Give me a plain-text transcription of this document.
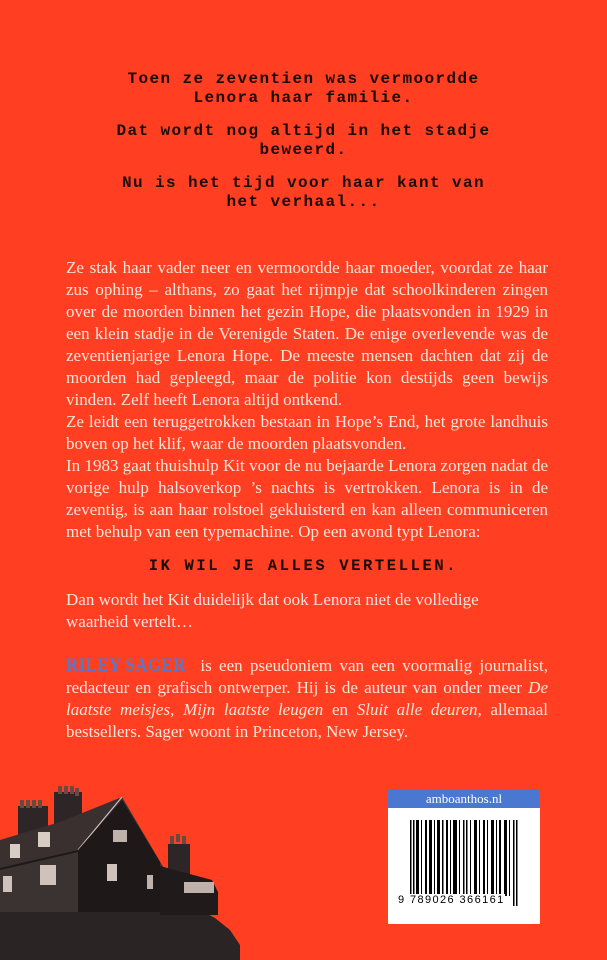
Toen ze zeventien was vermoordde Lenora haar familie.

Dat wordt nog altijd in het stadje beweerd.

Nu is het tijd voor haar kant van het verhaal...

Ze stak haar vader neer en vermoordde haar moeder, voordat ze haar zus ophing – althans, zo gaat het rijmpje dat schoolkinderen zingen over de moorden binnen het gezin Hope, die plaatsvonden in 1929 in een klein stadje in de Verenigde Staten. De enige overlevende was de zeventienjarige Lenora Hope. De meeste mensen dachten dat zij de moorden had gepleegd, maar de politie kon destijds geen bewijs vinden. Zelf heeft Lenora altijd ontkend.

Ze leidt een teruggetrokken bestaan in Hope’s End, het grote landhuis boven op het klif, waar de moorden plaatsvonden.

In 1983 gaat thuishulp Kit voor de nu bejaarde Lenora zorgen nadat de vorige hulp halsoverkop ’s nachts is vertrokken. Lenora is in de zeventig, is aan haar rolstoel gekluisterd en kan alleen communiceren met behulp van een typemachine. Op een avond typt Lenora:

IK WIL JE ALLES VERTELLEN.
Dan wordt het Kit duidelijk dat ook Lenora niet de volledige waarheid vertelt…
RILEY SAGER is een pseudoniem van een voormalig journalist, redacteur en grafisch ontwerper. Hij is de auteur van onder meer De laatste meisjes, Mijn laatste leugen en Sluit alle deuren, allemaal bestsellers. Sager woont in Princeton, New Jersey.
amboanthos.nl
9 789026 366161
